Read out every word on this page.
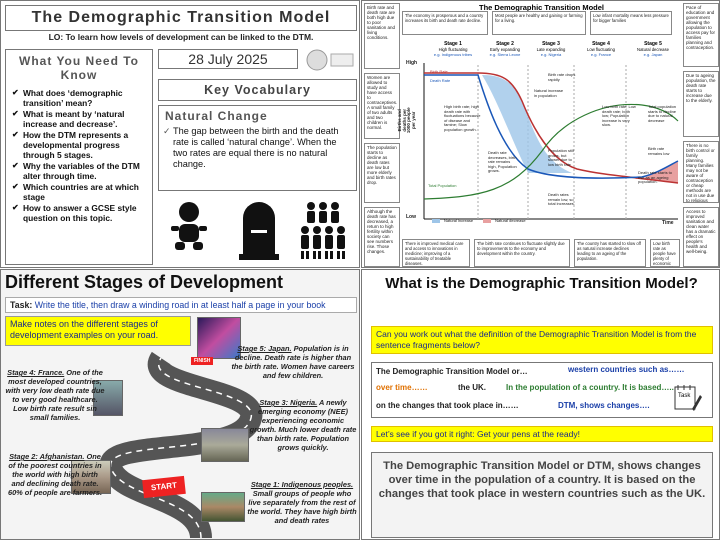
The Demographic Transition Model
LO: To learn how levels of development can be linked to the DTM.
What You Need To Know
✔ What does ‘demographic transition’ mean?
✔ What is meant by ‘natural increase and decrease’.
✔ How the DTM represents a developmental progress through 5 stages.
✔ Why the variables of the DTM alter through time.
✔ Which countries are at which stage
✔ How to answer a GCSE style question on this topic.
28 July 2025
Key Vocabulary
Natural Change

✓ The gap between the birth and the death rate is called ‘natural change’. When the two rates are equal there is no natural change.

The Demographic Transition Model
The economy is prosperous and a country increases its birth and death rate decline.
Most people are healthy and gaining or farming for a living.
Low infant mortality means less pressure for bigger families
Birth rate and death rate are both high due to poor sanitation and living conditions.
Women are allowed to study and have access to contraceptives. A small family of two adults and two children is normal.
The population starts to decline as death rates are low but more elderly and birth rates drop.
Although the death rate has decreased, a return to high fertility within society can see numbers rise. Those changes.
Pace of education and government allowing the population to access pay for families planning and contraception.
Due to ageing population, the death rate starts to increase due to the elderly.
There is no birth control or family planning. Many families may not be aware of contraception or cheap methods are not in use due to religious
Access to improved sanitation and clean water has a dramatic effect on people's health and well-being.
Stage 1
High fluctuating
e.g. Indigenous tribes
Stage 2
Early expanding
e.g. Sierra Leone
Stage 3
Late expanding
e.g. Nigeria
Stage 4
Low fluctuating
e.g. France
Stage 5
Natural decrease
e.g. Japan
High
Low
Time
Births and deaths per 1000 people per year
Birth Rate
Death Rate
Total Population
Natural increase in population
High birth rate; high death rate with fluctuations because of disease and famine; Slow population growth.
Death rate decreases, birth rate remains high, Population grows.
Birth rate drops rapidly
Population still grows, but slower due to low birth rate
Low birth rate; Low death rate; both low; Population increase is very slow.
Total population starts to decline due to natural decrease
Birth rate remains low
Death rate starts to rise as an ageing population.
Death rates remain low, so total increases.
Natural increase	Natural decrease
There is improved medical care and access to innovations in medicine; improving of a sustainability of treatable diseases.
The birth rate continues to fluctuate slightly due to improvements to the economy and development within the country.
The country has started to slow off as natural increase declines leading to an ageing of the population.
Low birth rate as people have plenty of economic
Different Stages of Development
Task: Write the title, then draw a winding road in at least half a page in your book
Make notes on the different stages of development examples on your road.
FINISH
START
Stage 5: Japan. Population is in decline. Death rate is higher than the birth rate. Women have careers and few children.
Stage 4: France. One of the most developed countries, with very low death rate due to very good healthcare. Low birth rate result sin small families.
Stage 3: Nigeria. A newly emerging economy (NEE) experiencing economic growth. Much lower death rate than birth rate. Population grows quickly.
Stage 2: Afghanistan. One of the poorest countries in the world with high birth and declining death rate. 60% of people are farmers.
Stage 1: Indigenous peoples. Small groups of people who live separately from the rest of the world. They have high birth and death rates
What is the Demographic Transition Model?
Can you work out what the definition of the Demographic Transition Model is from the sentence fragments below?
The Demographic Transition Model or…	western countries such as……
over time……	the UK.	In the population of a country. It is based…..
on the changes that took place in……	DTM, shows changes….
Task
Let’s see if you got it right: Get your pens at the ready!
The Demographic Transition Model or DTM, shows changes over time in the population of a country. It is based on the changes that took place in western countries such as the UK.
